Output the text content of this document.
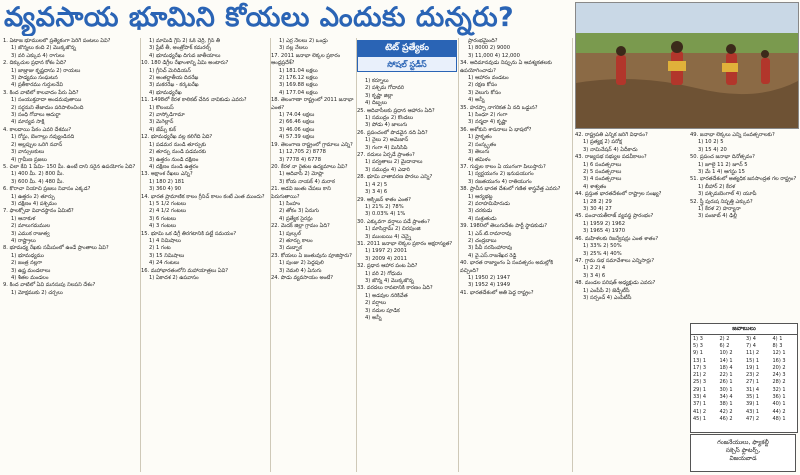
వ్యవసాయ భూమిని కోయలు ఎందుకు దున్నరు?
1. ఏటాజ భూములలో ప్రత్యేకంగా పెరిగే పంటలు ఏవి?
1) జొన్నలు కంది 2) మొక్కజొన్న
3) వరి ఎక్కువ 4) రాగులు
2. దిక్కుచుల ప్రధాన కోశం ఏది?
1) జాజ్రాజు కృష్ణదాసు 2) రాయలు
3) పాడ్యము సంఘటన
4) ప్రతీకారము గుర్తులనేవి
3. కింద వాటిలో కాలవాదం పేరు ఏది?
1) సంయుక్తవాదా అందమవుతాయి
2) సర్ధనుని తేజాదుం పరిపాలించింది
3) సంధి గోవాలు ఆదుర్దా
4) మాన్యవ సాక్షి
4. కాలదాయి పేఠం ఎవరి దేశము?
1) రోస్టు, బెంగాల్లు నవ్యుండినది
2) అల్లప్పుల ఒరిగి నవాన్
3) వాన్సులకులు
4) గ్రామీణ ప్రజలు
5. చిలా కేవి 1 పేమి- 150 మీ. ఉంటే దాని సరైన ఉపయోగం ఏది?
1) 400 మీ. 2) 800 మీ.
3) 600 మీ. 4) 480 మీ.
6. కొరాచా నియాచి ప్రజలు నివాసం ఎక్కడ?
1) ఉత్తరం 2) తూర్పు
3) దక్షిణం 4) పశ్చిమం
7. ఫాలక్సోడా వివాదస్థానం ఏమిటి?
1) ఆనాకుళ
2) మాలుగమముల
3) ఎముక రాజుత్వ
4) రాష్ట్రాలు
8. భూమధ్య రేఖకు సమీపంలో ఉండే ప్రాంతాలు ఏవి?
1) భూమధ్యము
2) జంత్ర నల్లగా
3) ఉష్ణ మండలాలు
4) శీతల మండలం
9. కింద వాటిలో ఏవి మనసుపు నిలపని దేశం?
1) మోక్షముకు 2) చర్చలు
1) మామిడి గ్రేస్ 2) ఓక్ చెర్రీ, గ్రీన్ తీ
3) ప్రేటీ తీ, అంత్రోపాక్ కమరల్స్
4) భూమధ్యరేఖ దిగువ జాతీయాలు
10. 180 డిగ్రీల రేఖాంశాన్ని ఏమి అంటారు?
1) గ్రీనిచ్ మెరిడియన్
2) అంతర్జాతీయ దినరేఖ
3) మకరరేఖ - కర్కటరేఖ
4) భూమధ్యరేఖ
11. 1498లో కేరళ కాలికట్ చేరిన నావికుడు ఎవరు?
1) కొలంబస్
2) వాస్కోడిగామా
3) మెగెల్లాన్
4) జేమ్స్ కుక్
12. భూమధ్యరేఖ వల్ల కలిగేది ఏది?
1) పడమర నుండి తూర్పుకు
2) తూర్పు నుండి పడమరకు
3) ఉత్తరం నుండి దక్షిణం
4) దక్షిణం నుండి ఉత్తరం
13. అక్షాంశ రేఖలు ఎన్ని?
1) 180 2) 181
3) 360 4) 90
14. భారత ప్రామాణిక కాలం గ్రీనిచ్ కాలం కంటే ఎంత ముందు?
1) 5 1/2 గంటలు
2) 4 1/2 గంటలు
3) 6 గంటలు
4) 3 గంటలు
15. భూమి ఒక డిగ్రీ తిరగటానికి పట్టే సమయం?
1) 4 నిమిషాలు
2) 1 గంట
3) 15 నిమిషాలు
4) 24 గంటలు
16. మహాభారతంలోని మహాయాత్రలు ఏవి?
1) ఏకాదశ 2) ఉపవాసం
1) ఎర్ర నేలలు 2) ఒండ్రు
3) నల్ల నేలలు
17. 2011 జనాభా లెక్కల ప్రకారం ఆంధ్రప్రదేశ్?
1) 181.04 లక్షలు
2) 176.12 లక్షలు
3) 169.88 లక్షలు
4) 177.04 లక్షలు
18. తెలంగాణా రాష్ట్రంలో 2011 జనాభా ఎంత?
1) 74.04 లక్షలు
2) 66.46 లక్షలు
3) 46.06 లక్షలు
4) 57.39 లక్షలు
19. తెలంగాణ రాష్ట్రంలో గ్రామాలు ఎన్ని?
1) 12,705 2) 8778
3) 7778 4) 6778
20. కేరళ నా రైతుల ఉద్యమాలు ఏవి?
1) ఆదివాసీ 2) మోప్లా
3) కోయ నాయక్ 4) మరాఠ
21. అడవి జంతు చేపలు కాని పెరుగుతాయి?
1) సింహం
2) తోకం 3) ఏనుగు
4) ప్రత్యేక సైరన్లు
22. మెదక్ జిల్లా గ్రామం ఏది?
1) పుల్కల్
2) తూర్పు కాలం
3) దుబ్బాక
23. కోయలు ఏ జంతువును పూజిస్తారు?
1) పుంజు 2) పెద్దపులి
3) నెమలి 4) ఏనుగు
24. పొడు వ్యవసాయం అంటే?
టెట్ ప్రత్యేకం
సోషల్ స్టడీస్
1) కర్నూలు
2) పశ్చిమ గోదావరి
3) కృష్ణా జిల్లా
4) దిబ్బలు
25. ఆదివాసీలకు ప్రధాన ఆహారం ఏది?
1) సముద్రం 2) కొండలు
3) పోడు 4) జాలుగు
26. ప్రపంచంలో పొడవైన నది ఏది?
1) నైలు 2) అమెజాన్
3) గంగా 4) మిసిసిపి
27. నదులు ఏర్పడే ప్రాంతం?
1) పర్వతాలు 2) మైదానాలు
3) సముద్రం 4) ఎడారి
28. భూమి వాతావరణ పొరలు ఎన్ని?
1) 4 2) 5
3) 3 4) 6
29. ఆక్సిజన్ శాతం ఎంత?
1) 21% 2) 78%
3) 0.03% 4) 1%
30. ఎక్కువగా వర్షాలు పడే ప్రాంతం?
1) మాసిన్రామ్ 2) చిరపుంజి
3) ముంబయి 4) చెన్నై
31. 2011 జనాభా లెక్కల ప్రకారం అక్షరాస్యత?
1) 1997 2) 2001
3) 2009 4) 2011
32. ప్రధాన ఆహార పంట ఏది?
1) వరి 2) గోధుమ
3) జొన్న 4) మొక్కజొన్న
33. వరదలు రావటానికి కారణం ఏది?
1) అడవుల నరికివేత
2) వర్షాలు
3) నదుల పూడిక
4) అన్నీ
ప్రారంభమైంది?
1) 8000 2) 9000
3) 11,000 4) 12,000
34. ఆదిమానవుడు నిప్పును ఏ ఆవశ్యకతలకు ఉపయోగించాడు?
1) ఆహారం వండటం
2) రక్షణ కోసం
3) వెలుగు కోసం
4) అన్నీ
35. హరప్పా నాగరికత ఏ నది ఒడ్డున?
1) సింధూ 2) గంగా
3) నర్మదా 4) కృష్ణా
36. అశోకుని శాసనాలు ఏ భాషలో?
1) ప్రాకృతం
2) సంస్కృతం
3) తెలుగు
4) తమిళం
37. గుప్తుల కాలం ఏ యుగంగా పిలుస్తారు?
1) స్వర్ణయుగం 2) ఇనుపయుగం
3) రజతయుగం 4) రాతియుగం
38. ప్రాచీన భారత దేశంలో గణిత శాస్త్రవేత్త ఎవరు?
1) ఆర్యభట్ట
2) వరాహమిహిరుడు
3) చరకుడు
4) సుశ్రుతుడు
39. 1980లో తెలుగుదేశం పార్టీ స్థాపకుడు?
1) ఎన్.టి.రామారావు
2) చంద్రబాబు
3) పీవీ నరసింహారావు
4) వై.ఎస్.రాజశేఖర రెడ్డి
40. భారత రాజ్యాంగం ఏ సంవత్సరం అమల్లోకి వచ్చింది?
1) 1950 2) 1947
3) 1952 4) 1949
41. భారతదేశంలో అతి పెద్ద రాష్ట్రం?
42. రాష్ట్రపతి ఎన్నిక జరిగే విధానం?
1) ప్రత్యక్ష 2) పరోక్ష
3) నామినేషన్ 4) ఏదీకాదు
43. రాజ్యసభ సభ్యుల పదవీకాలం?
1) 6 సంవత్సరాలు
2) 5 సంవత్సరాలు
3) 4 సంవత్సరాలు
4) శాశ్వతం
44. ప్రస్తుత భారతదేశంలో రాష్ట్రాల సంఖ్య?
1) 28 2) 29
3) 30 4) 27
45. పంచాయతీరాజ్ వ్యవస్థ ప్రారంభం?
1) 1959 2) 1962
3) 1965 4) 1970
46. మహిళలకు రిజర్వేషన్లు ఎంత శాతం?
1) 33% 2) 50%
3) 25% 4) 40%
47. గ్రామ సభ సమావేశాలు ఎన్నిసార్లు?
1) 2 2) 4
3) 3 4) 6
48. మండల పరిషత్ అధ్యక్షుడు ఎవరు?
1) ఎంపీపీ 2) జెడ్పీటీసీ
3) సర్పంచ్ 4) ఎంపీటీసీ
49. జనాభా లెక్కలు ఎన్ని సంవత్సరాలకు?
1) 10 2) 5
3) 15 4) 20
50. ప్రపంచ జనాభా దినోత్సవం?
1) జూలై 11 2) జూన్ 5
3) మే 1 4) ఆగస్టు 15
51. భారతదేశంలో అత్యధిక జనసాంద్రత గల రాష్ట్రం?
1) బీహార్ 2) కేరళ
3) పశ్చిమబెంగాల్ 4) యూపీ
52. స్త్రీ పురుష నిష్పత్తి ఎక్కువ?
1) కేరళ 2) హర్యానా
3) పంజాబ్ 4) ఢిల్లీ
జవాబులు
1) 3	2) 2	3) 4	4) 1
5) 3	6) 2	7) 4	8) 3
9) 1	10) 2	11) 2	12) 1
13) 1	14) 1	15) 1	16) 3
17) 3	18) 4	19) 1	20) 2
21) 2	22) 1	23) 2	24) 3
25) 3	26) 1	27) 1	28) 2
29) 1	30) 1	31) 4	32) 1
33) 4	34) 4	35) 1	36) 1
37) 1	38) 1	39) 1	40) 1
41) 2	42) 2	43) 1	44) 2
45) 1	46) 2	47) 2	48) 1
గంజనేయులు, ఫ్యాకల్టీ
సక్సెస్ ఫ్లాటర్స్,
విజయవాడ
